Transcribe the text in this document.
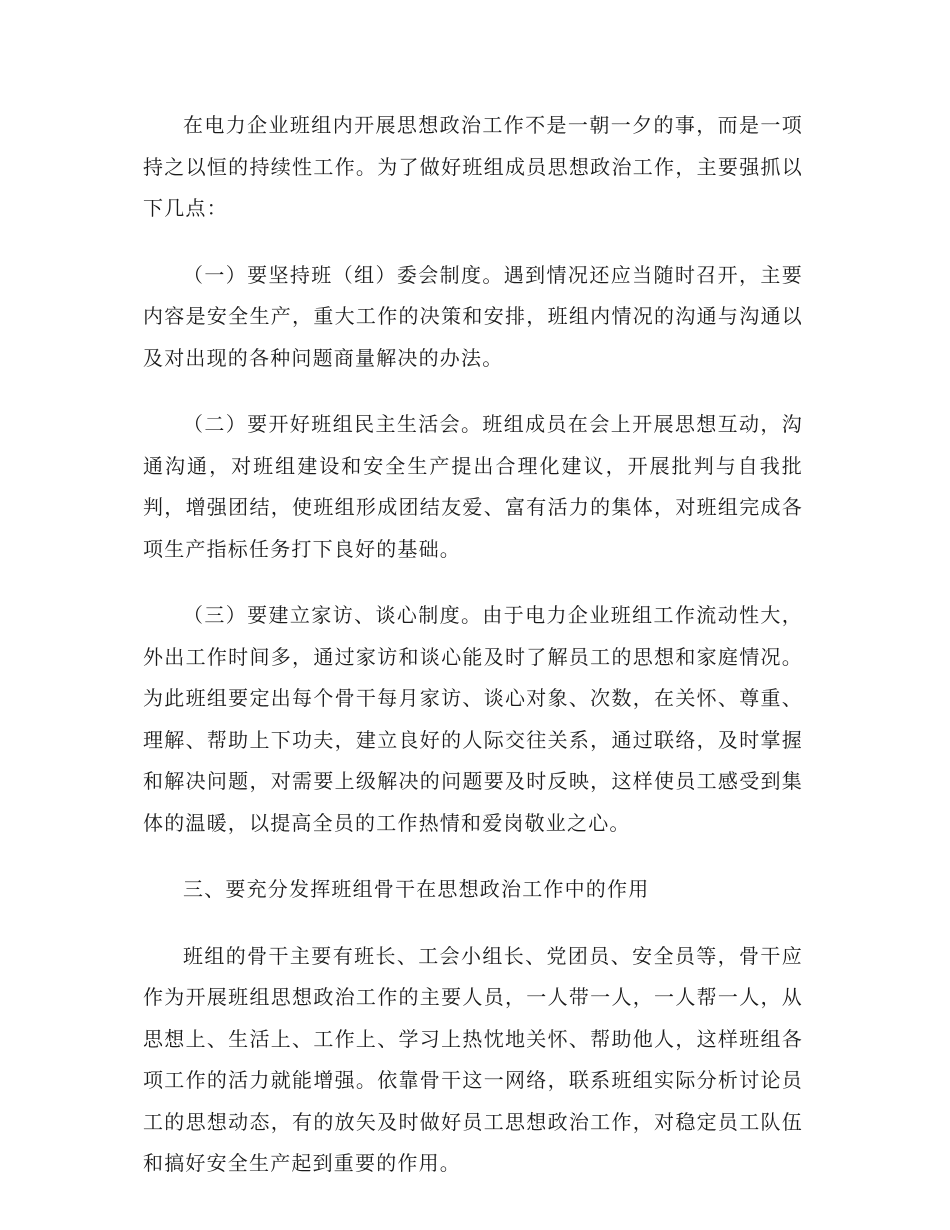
在电力企业班组内开展思想政治工作不是一朝一夕的事，而是一项持之以恒的持续性工作。为了做好班组成员思想政治工作，主要强抓以下几点：

（一）要坚持班（组）委会制度。遇到情况还应当随时召开，主要内容是安全生产，重大工作的决策和安排，班组内情况的沟通与沟通以及对出现的各种问题商量解决的办法。

（二）要开好班组民主生活会。班组成员在会上开展思想互动，沟通沟通，对班组建设和安全生产提出合理化建议，开展批判与自我批判，增强团结，使班组形成团结友爱、富有活力的集体，对班组完成各项生产指标任务打下良好的基础。

（三）要建立家访、谈心制度。由于电力企业班组工作流动性大，外出工作时间多，通过家访和谈心能及时了解员工的思想和家庭情况。为此班组要定出每个骨干每月家访、谈心对象、次数，在关怀、尊重、理解、帮助上下功夫，建立良好的人际交往关系，通过联络，及时掌握和解决问题，对需要上级解决的问题要及时反映，这样使员工感受到集体的温暖，以提高全员的工作热情和爱岗敬业之心。

三、要充分发挥班组骨干在思想政治工作中的作用

班组的骨干主要有班长、工会小组长、党团员、安全员等，骨干应作为开展班组思想政治工作的主要人员，一人带一人，一人帮一人，从思想上、生活上、工作上、学习上热忱地关怀、帮助他人，这样班组各项工作的活力就能增强。依靠骨干这一网络，联系班组实际分析讨论员工的思想动态，有的放矢及时做好员工思想政治工作，对稳定员工队伍和搞好安全生产起到重要的作用。
